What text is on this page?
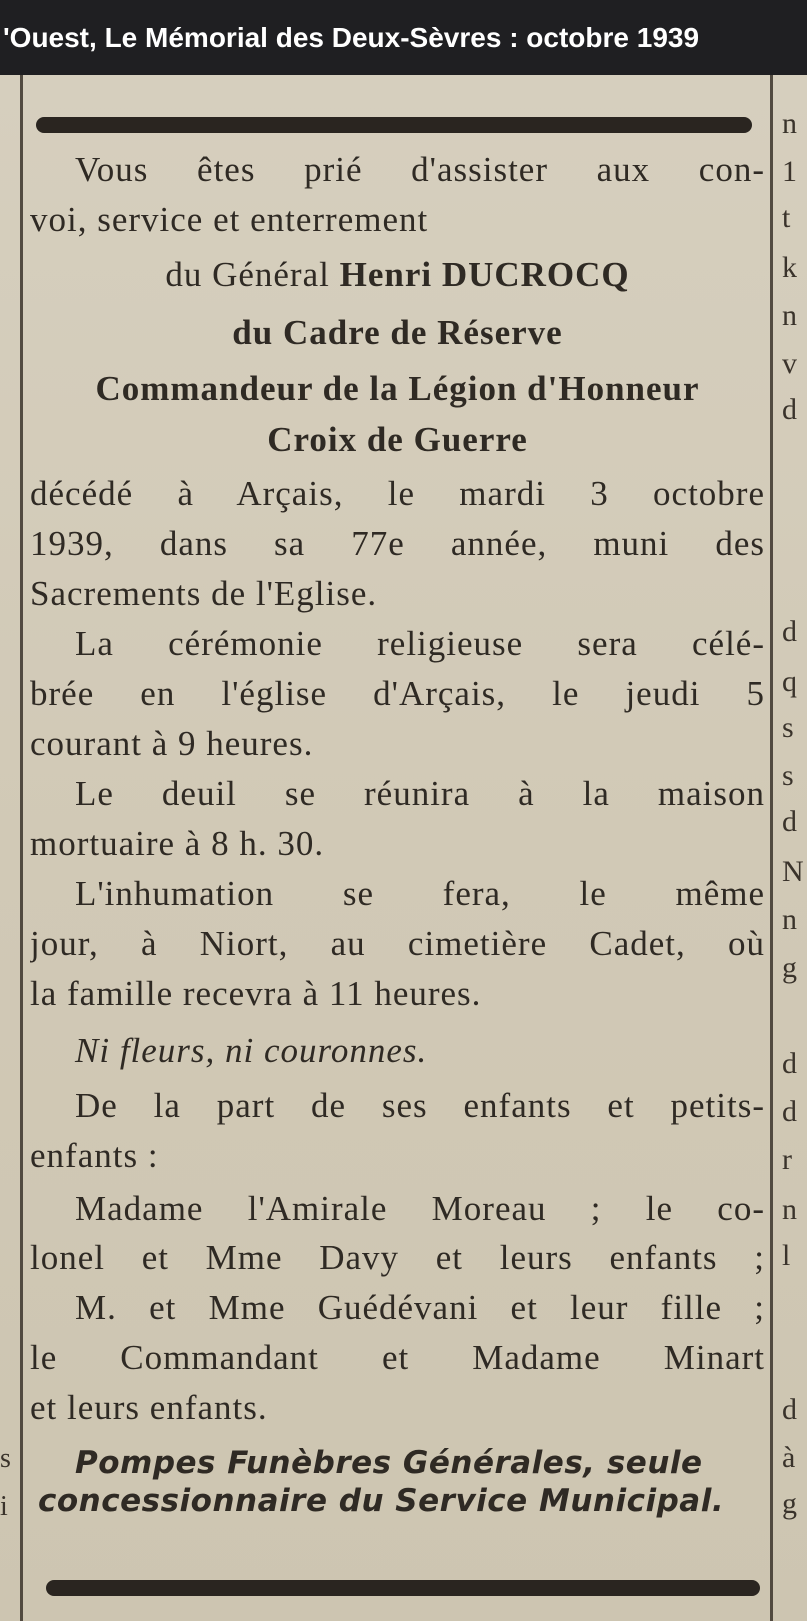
'Ouest, Le Mémorial des Deux-Sèvres : octobre 1939
s
i
n
1
t
k
n
v
d
d
q
s
s
d
N
n
g
d
d
r
n
l
d
à
g
Vous êtes prié d'assister aux con-
voi, service et enterrement
du Général Henri DUCROCQ
du Cadre de Réserve
Commandeur de la Légion d'Honneur
Croix de Guerre
décédé à Arçais, le mardi 3 octobre
1939, dans sa 77e année, muni des
Sacrements de l'Eglise.
La cérémonie religieuse sera célé-
brée en l'église d'Arçais, le jeudi 5
courant à 9 heures.
Le deuil se réunira à la maison
mortuaire à 8 h. 30.
L'inhumation se fera, le même
jour, à Niort, au cimetière Cadet, où
la famille recevra à 11 heures.
Ni fleurs, ni couronnes.
De la part de ses enfants et petits-
enfants :
Madame l'Amirale Moreau ; le co-
lonel et Mme Davy et leurs enfants ;
M. et Mme Guédévani et leur fille ;
le Commandant et Madame Minart
et leurs enfants.
Pompes Funèbres Générales, seule
concessionnaire du Service Municipal.
